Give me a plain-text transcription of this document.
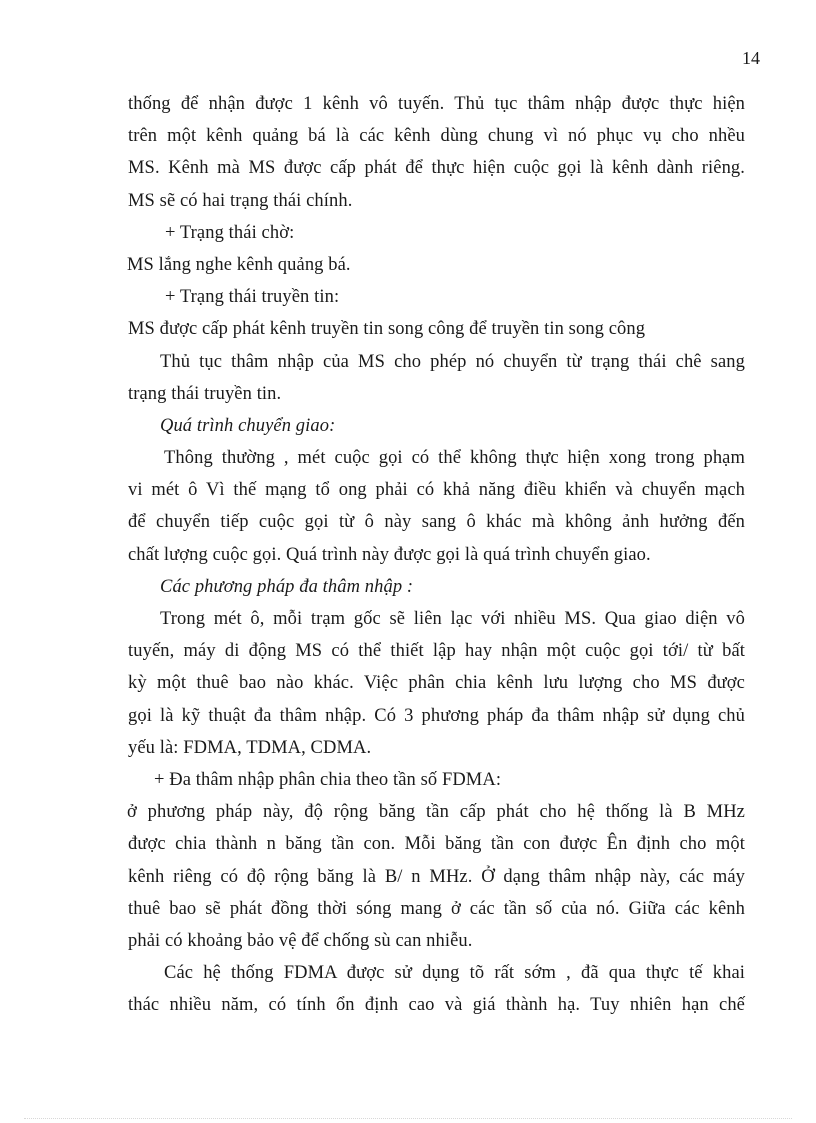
14
thống để nhận được 1 kênh vô tuyến. Thủ tục thâm nhập được thực hiện
trên một kênh quảng bá là các kênh dùng chung vì nó phục vụ cho nhều
MS. Kênh mà MS được cấp phát để thực hiện cuộc gọi là kênh dành riêng.
MS sẽ có hai trạng thái chính.
+ Trạng thái chờ:
MS lắng nghe kênh quảng bá.
+ Trạng thái truyền tin:
MS được cấp phát kênh truyền tin song công để truyền tin song công
Thủ tục thâm nhập của MS cho phép nó chuyển từ trạng thái chê sang
trạng thái truyền tin.
Quá trình chuyển giao:
Thông thường , mét cuộc gọi có thể không thực hiện xong trong phạm
vi mét ô Vì thế mạng tổ ong phải có khả năng điều khiển và chuyển mạch
để chuyển tiếp cuộc gọi từ ô này sang ô khác mà không ảnh hưởng đến
chất lượng cuộc gọi. Quá trình này được gọi là quá trình chuyển giao.
Các phương pháp đa thâm nhập :
Trong mét ô, mỗi trạm gốc sẽ liên lạc với nhiều MS. Qua giao diện vô
tuyến, máy di động MS có thể thiết lập hay nhận một cuộc gọi tới/ từ bất
kỳ một thuê bao nào khác. Việc phân chia kênh lưu lượng cho MS được
gọi là kỹ thuật đa thâm nhập. Có 3 phương pháp đa thâm nhập sử dụng chủ
yếu là: FDMA, TDMA, CDMA.
+ Đa thâm nhập phân chia theo tần số FDMA:
ở phương pháp này, độ rộng băng tần cấp phát cho hệ thống là B MHz
được chia thành n băng tần con. Mỗi băng tần con được Ên định cho một
kênh riêng có độ rộng băng là B/ n MHz. Ở dạng thâm nhập này, các máy
thuê bao sẽ phát đồng thời sóng mang ở các tần số của nó. Giữa các kênh
phải có khoảng bảo vệ để chống sù can nhiễu.
Các hệ thống FDMA được sử dụng tõ rất sớm , đã qua thực tế khai
thác nhiều năm, có tính ổn định cao và giá thành hạ. Tuy nhiên hạn chế
